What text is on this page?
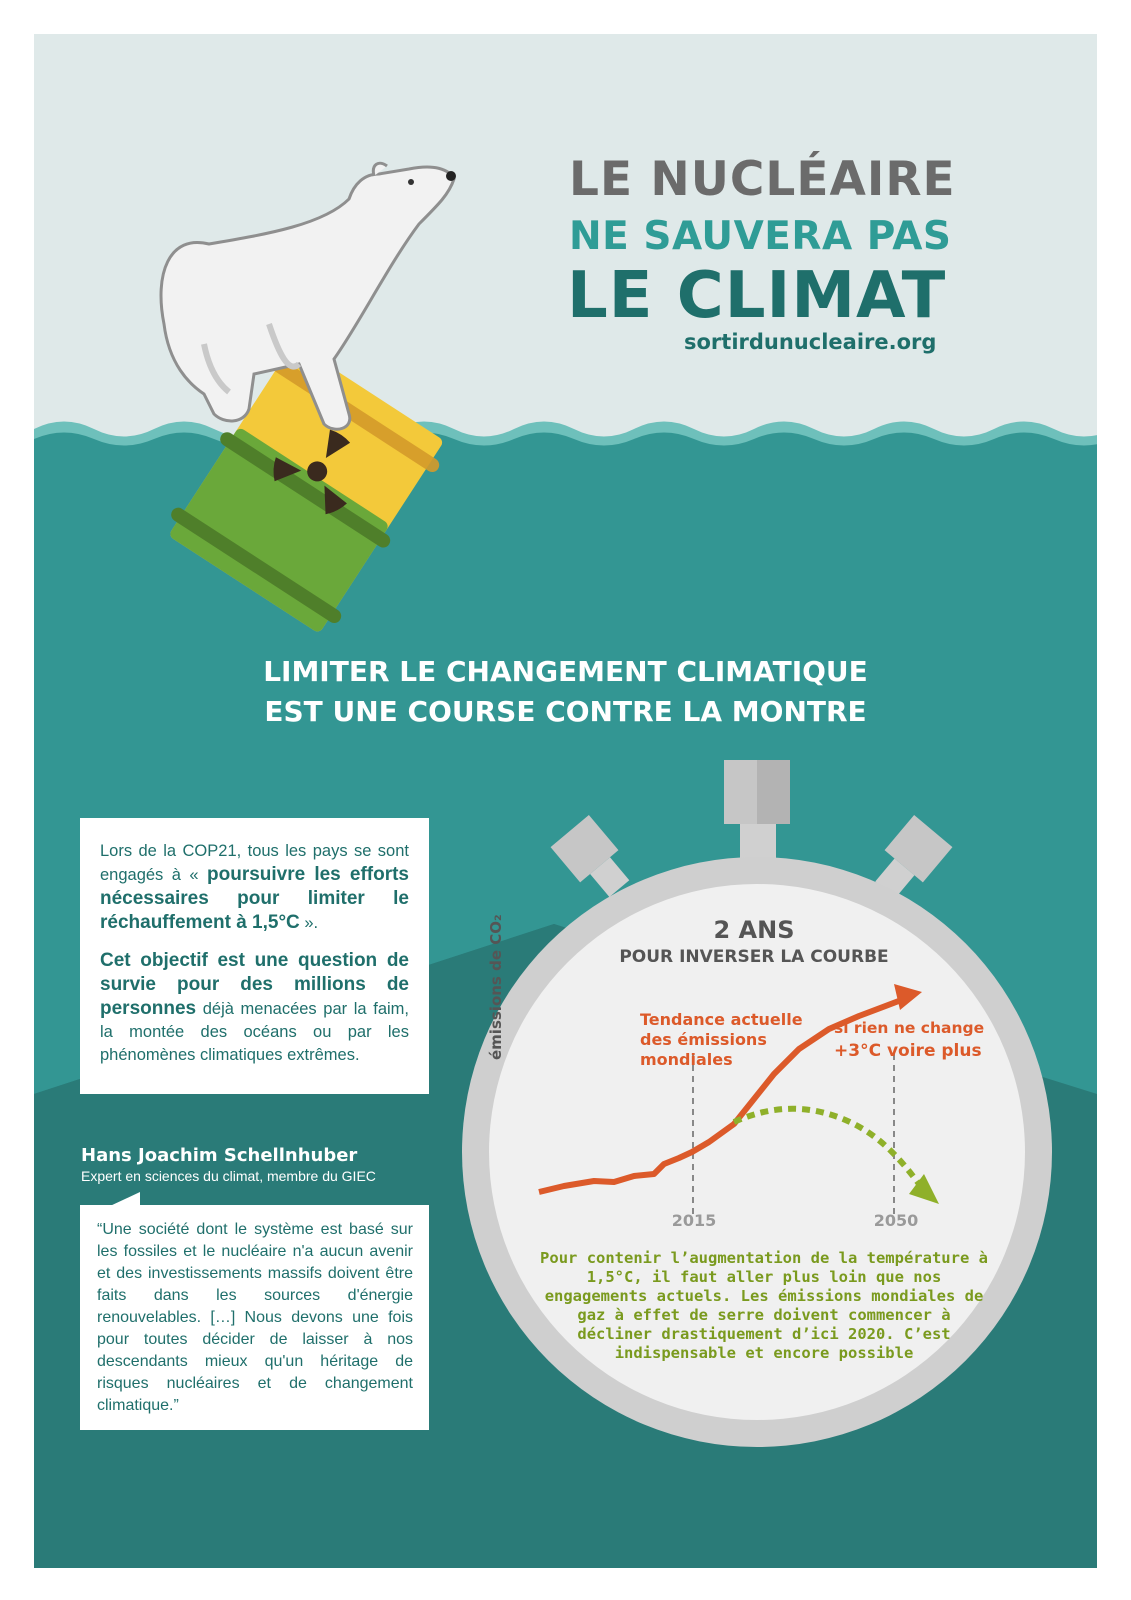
LE NUCLÉAIRE
NE SAUVERA PAS
LE CLIMAT
sortirdunucleaire.org
LIMITER LE CHANGEMENT CLIMATIQUE
EST UNE COURSE CONTRE LA MONTRE

Lors de la COP21, tous les pays se sont engagés à « poursuivre les efforts nécessaires pour limiter le réchauffement à 1,5°C ».

Cet objectif est une question de survie pour des millions de personnes déjà menacées par la faim, la montée des océans ou par les phénomènes climatiques extrêmes.

Hans Joachim Schellnhuber
Expert en sciences du climat, membre du GIEC
“Une société dont le système est basé sur les fossiles et le nucléaire n'a aucun avenir et des investissements massifs doivent être faits dans les sources d'énergie renouvelables. […] Nous devons une fois pour toutes décider de laisser à nos descendants mieux qu'un héritage de risques nucléaires et de changement climatique.”
2 ANS
POUR INVERSER LA COURBE
émissions de CO₂	Tendance actuelle des émissions mondiales
si rien ne change
+3°C voire plus
2015	2050
Pour contenir l’augmentation de la température à 1,5°C, il faut aller plus loin que nos engagements actuels. Les émissions mondiales de gaz à effet de serre doivent commencer à décliner drastiquement d’ici 2020. C’est indispensable et encore possible
